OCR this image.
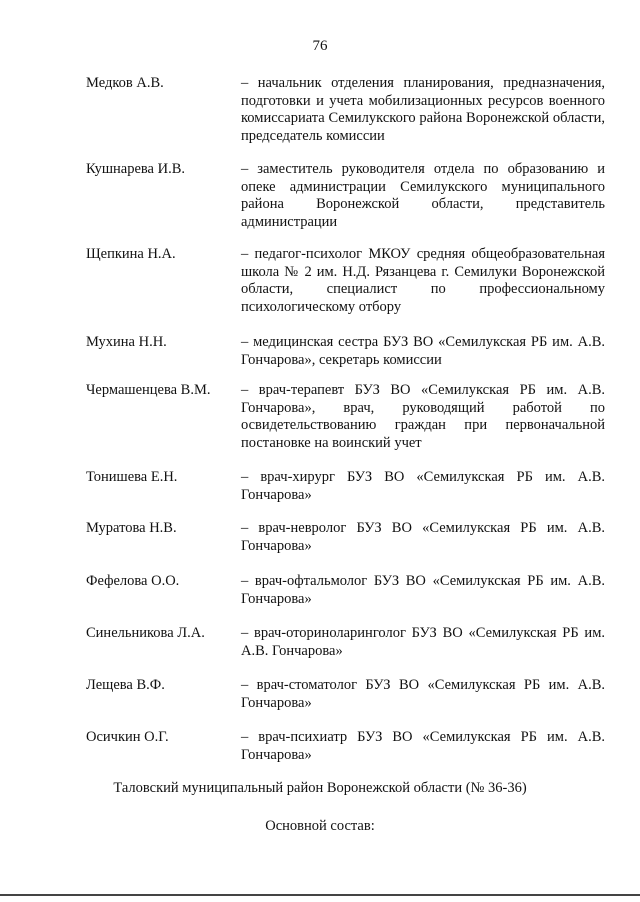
76
Медков А.В.	– начальник отделения планирования, предназначения, подготовки и учета мобилизационных ресурсов военного комиссариата Семилукского района Воронежской области, председатель комиссии
Кушнарева И.В.	– заместитель руководителя отдела по образованию и опеке администрации Семилукского муниципального района Воронежской области, представитель администрации
Щепкина Н.А.	– педагог-психолог МКОУ средняя общеобразовательная школа № 2 им. Н.Д. Рязанцева г. Семилуки Воронежской области, специалист по профессиональному психологическому отбору
Мухина Н.Н.	– медицинская сестра БУЗ ВО «Семилукская РБ им. А.В. Гончарова», секретарь комиссии
Чермашенцева В.М. – врач-терапевт БУЗ ВО «Семилукская РБ им. А.В. Гончарова», врач, руководящий работой по освидетельствованию граждан при первоначальной постановке на воинский учет
Тонишева Е.Н.	– врач-хирург БУЗ ВО «Семилукская РБ им. А.В. Гончарова»
Муратова Н.В.	– врач-невролог БУЗ ВО «Семилукская РБ им. А.В. Гончарова»
Фефелова О.О.	– врач-офтальмолог БУЗ ВО «Семилукская РБ им. А.В. Гончарова»
Синельникова Л.А. – врач-оториноларинголог БУЗ ВО «Семилукская РБ им. А.В. Гончарова»
Лещева В.Ф.	– врач-стоматолог БУЗ ВО «Семилукская РБ им. А.В. Гончарова»
Осичкин О.Г.	– врач-психиатр БУЗ ВО «Семилукская РБ им. А.В. Гончарова»
Таловский муниципальный район Воронежской области (№ 36-36)
Основной состав:
